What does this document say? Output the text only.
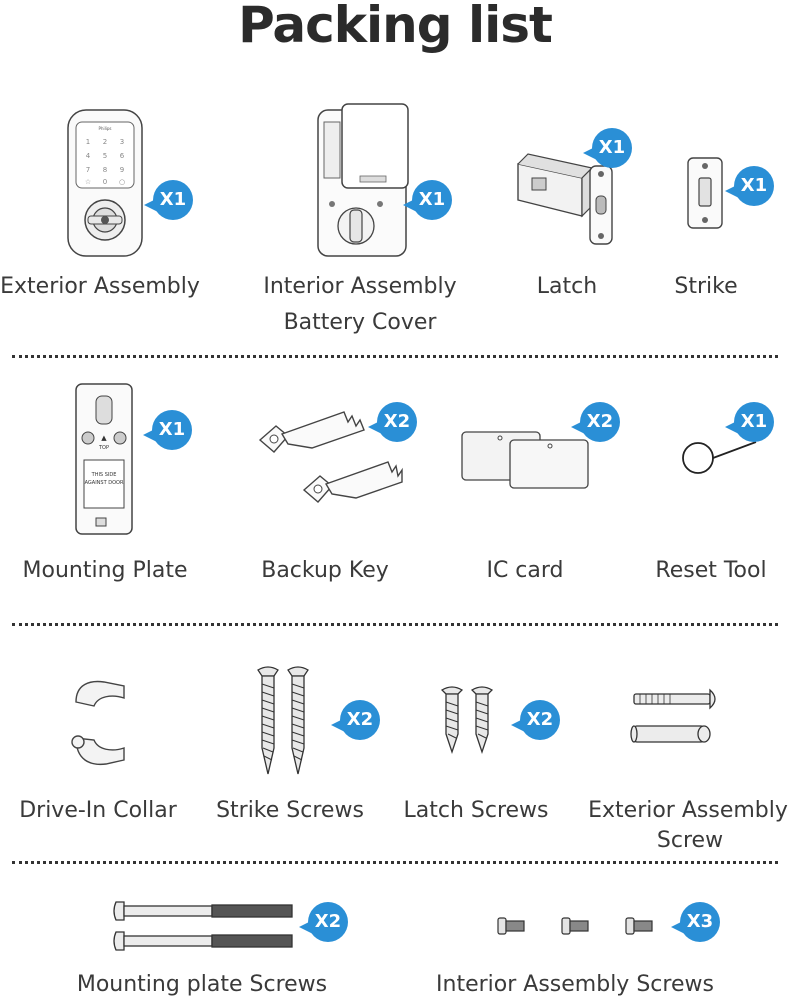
Packing list
Philips
1 2 3
4 5 6
7 8 9
☆ 0 ○
X1
Exterior Assembly
X1
Interior Assembly
Battery Cover
X1
Latch
X1
Strike
▲
TOP
THIS SIDE
AGAINST DOOR
X1
Mounting Plate
X2
Backup Key
X2
IC card
X1
Reset Tool
Drive-In Collar
X2
Strike Screws
X2
Latch Screws	Exterior Assembly
Screw
X2
Mounting plate Screws
X3
Interior Assembly Screws
